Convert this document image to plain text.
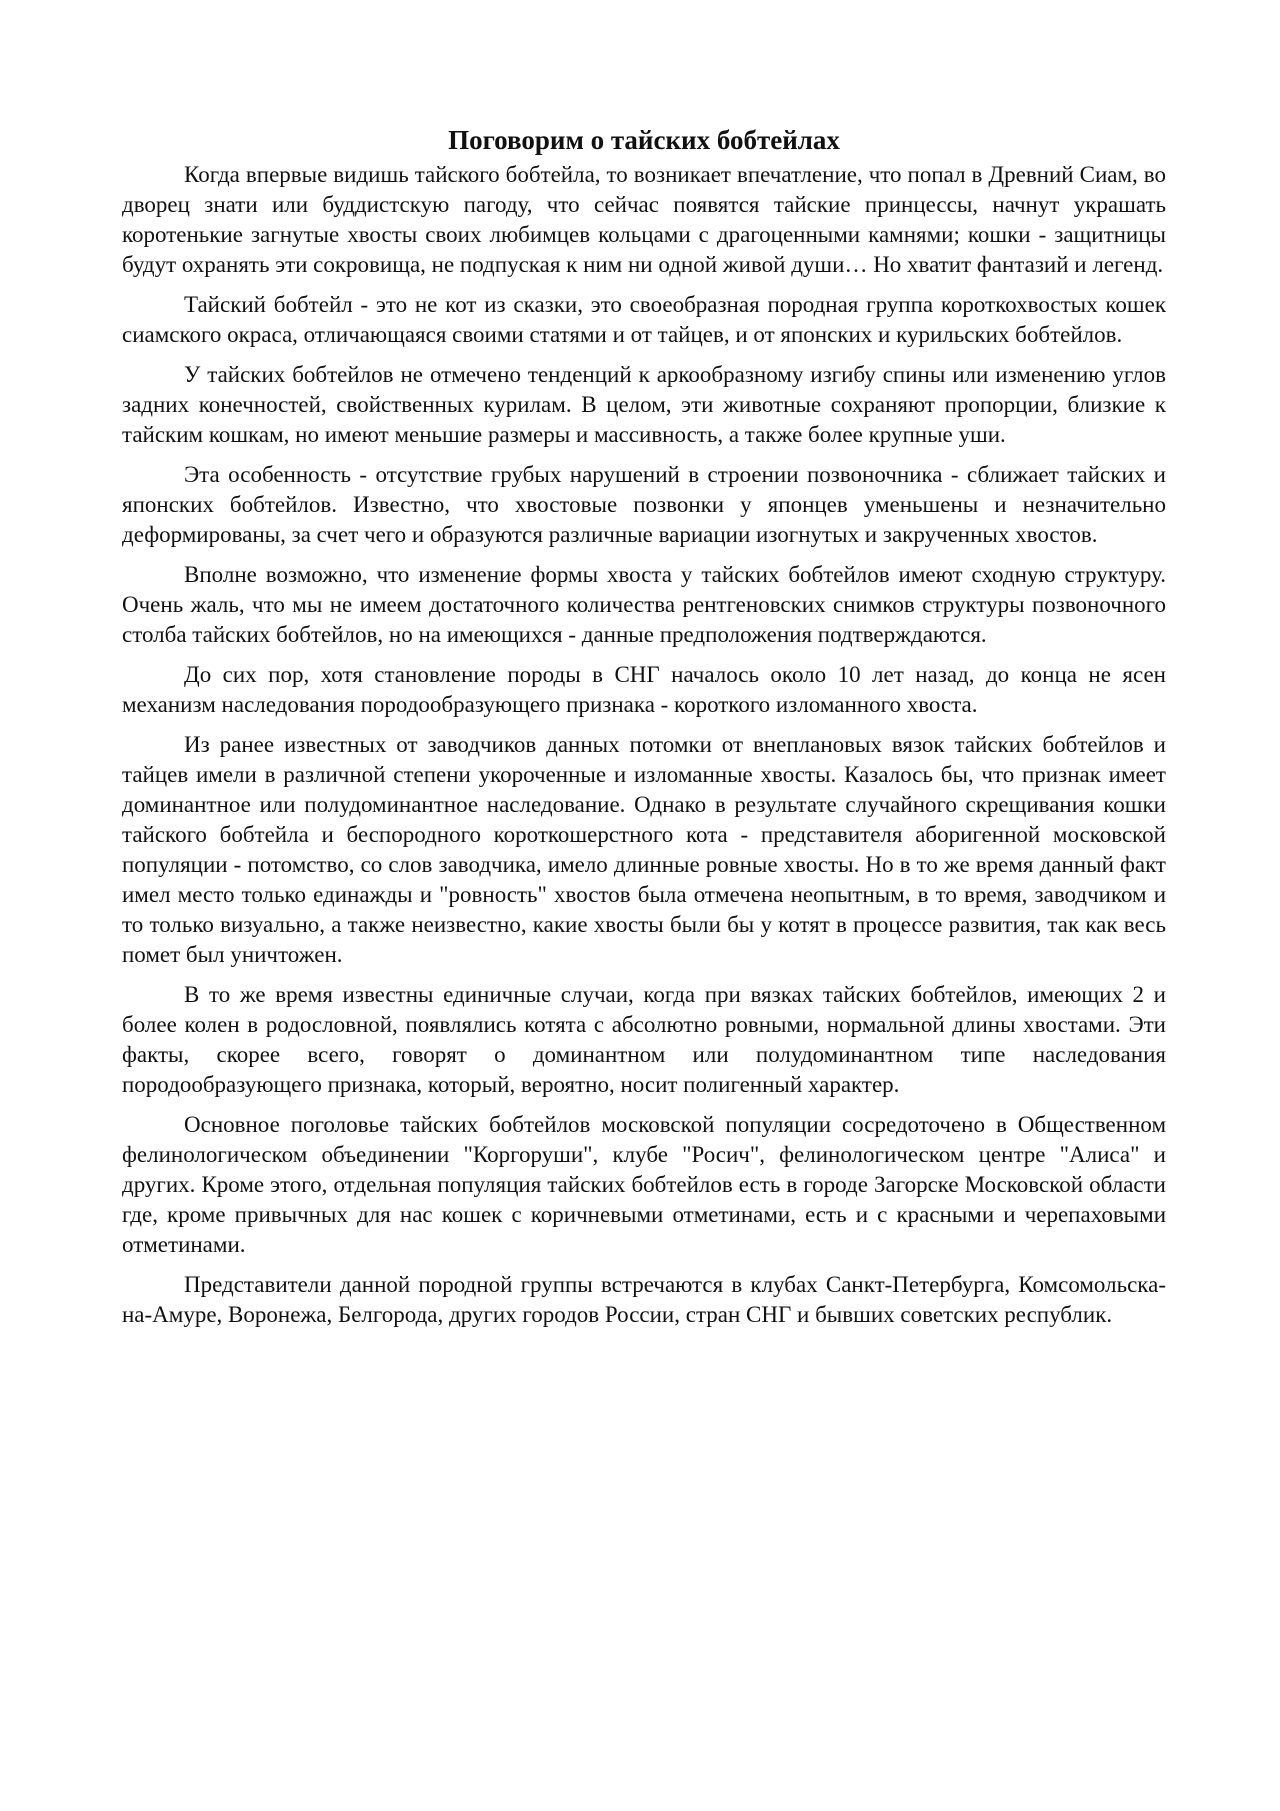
Поговорим о тайских бобтейлах

Когда впервые видишь тайского бобтейла, то возникает впечатление, что попал в Древний Сиам, во дворец знати или буддистскую пагоду, что сейчас появятся тайские принцессы, начнут украшать коротенькие загнутые хвосты своих любимцев кольцами с драгоценными камнями; кошки - защитницы будут охранять эти сокровища, не подпуская к ним ни одной живой души… Но хватит фантазий и легенд.

Тайский бобтейл - это не кот из сказки, это своеобразная породная группа короткохвостых кошек сиамского окраса, отличающаяся своими статями и от тайцев, и от японских и курильских бобтейлов.

У тайских бобтейлов не отмечено тенденций к аркообразному изгибу спины или изменению углов задних конечностей, свойственных курилам. В целом, эти животные сохраняют пропорции, близкие к тайским кошкам, но имеют меньшие размеры и массивность, а также более крупные уши.

Эта особенность - отсутствие грубых нарушений в строении позвоночника - сближает тайских и японских бобтейлов. Известно, что хвостовые позвонки у японцев уменьшены и незначительно деформированы, за счет чего и образуются различные вариации изогнутых и закрученных хвостов.

Вполне возможно, что изменение формы хвоста у тайских бобтейлов имеют сходную структуру. Очень жаль, что мы не имеем достаточного количества рентгеновских снимков структуры позвоночного столба тайских бобтейлов, но на имеющихся - данные предположения подтверждаются.

До сих пор, хотя становление породы в СНГ началось около 10 лет назад, до конца не ясен механизм наследования породообразующего признака - короткого изломанного хвоста.

Из ранее известных от заводчиков данных потомки от внеплановых вязок тайских бобтейлов и тайцев имели в различной степени укороченные и изломанные хвосты. Казалось бы, что признак имеет доминантное или полудоминантное наследование. Однако в результате случайного скрещивания кошки тайского бобтейла и беспородного короткошерстного кота - представителя аборигенной московской популяции - потомство, со слов заводчика, имело длинные ровные хвосты. Но в то же время данный факт имел место только единажды и "ровность" хвостов была отмечена неопытным, в то время, заводчиком и то только визуально, а также неизвестно, какие хвосты были бы у котят в процессе развития, так как весь помет был уничтожен.

В то же время известны единичные случаи, когда при вязках тайских бобтейлов, имеющих 2 и более колен в родословной, появлялись котята с абсолютно ровными, нормальной длины хвостами. Эти факты, скорее всего, говорят о доминантном или полудоминантном типе наследования породообразующего признака, который, вероятно, носит полигенный характер.

Основное поголовье тайских бобтейлов московской популяции сосредоточено в Общественном фелинологическом объединении "Коргоруши", клубе "Росич", фелинологическом центре "Алиса" и других. Кроме этого, отдельная популяция тайских бобтейлов есть в городе Загорске Московской области где, кроме привычных для нас кошек с коричневыми отметинами, есть и с красными и черепаховыми отметинами.

Представители данной породной группы встречаются в клубах Санкт-Петербурга, Комсомольска-на-Амуре, Воронежа, Белгорода, других городов России, стран СНГ и бывших советских республик.
